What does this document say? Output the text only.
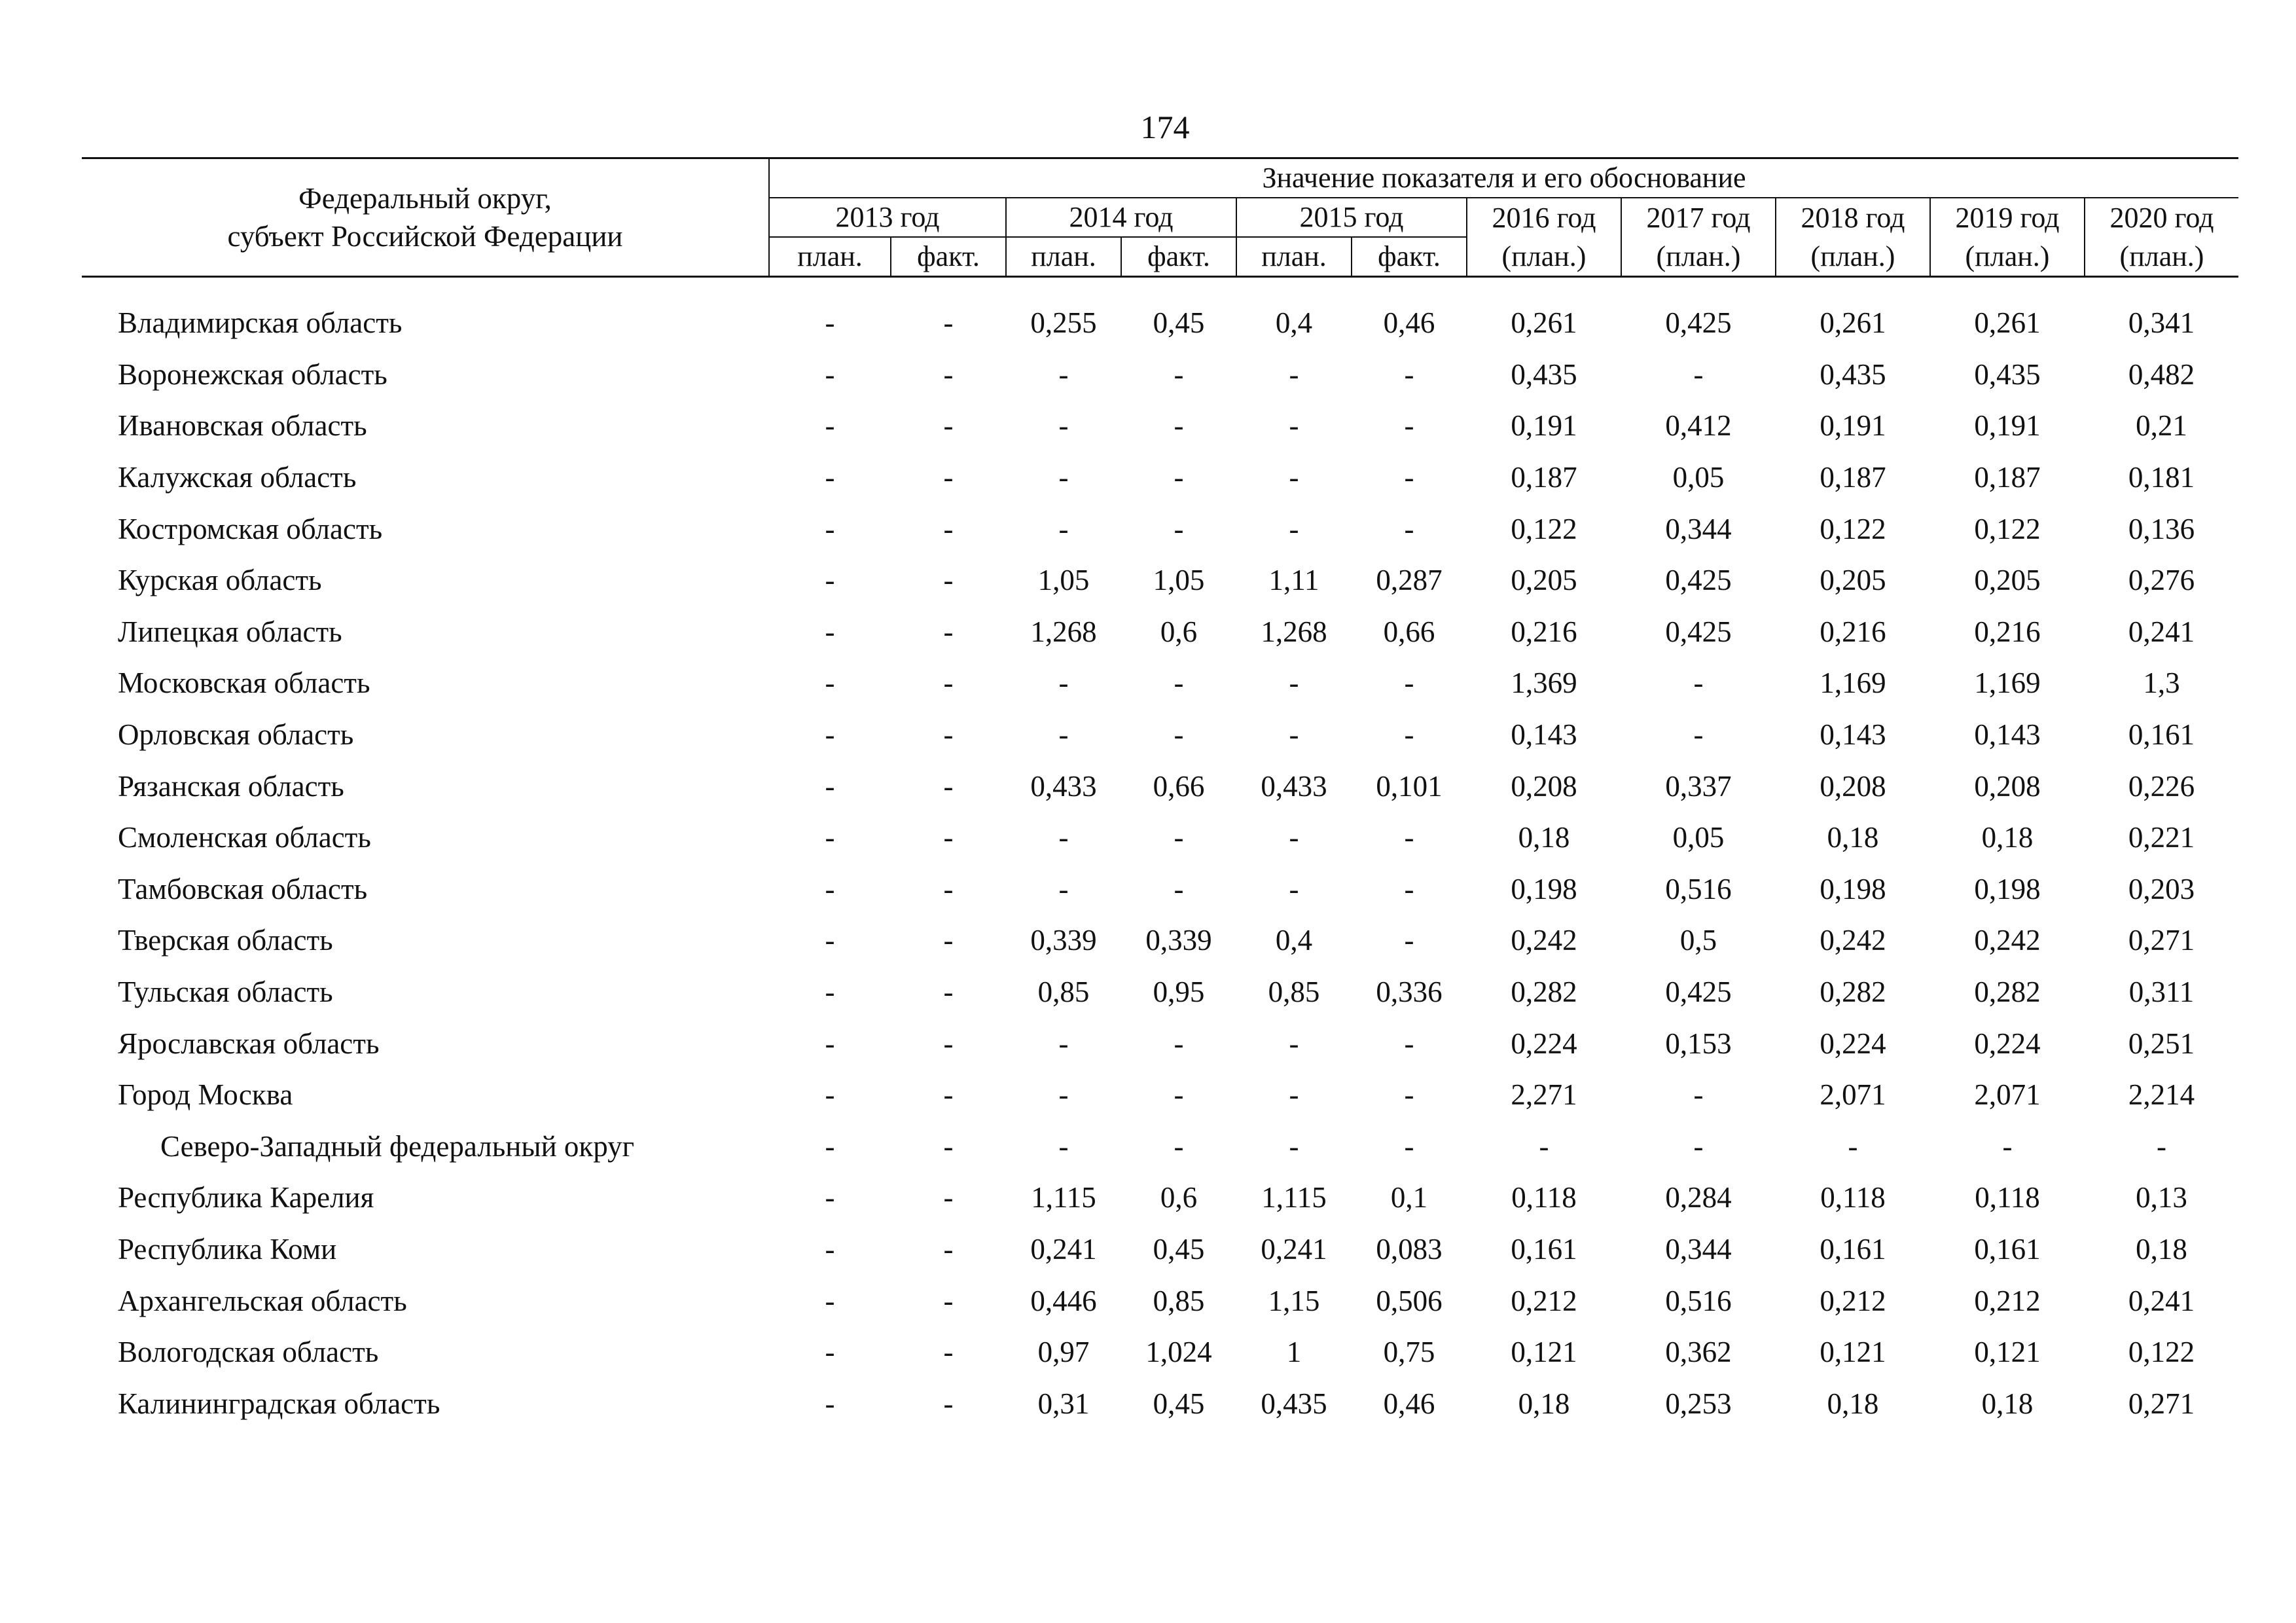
174
Федеральный округ,
субъект Российской Федерации	Значение показателя и его обоснование										
	2013 год		2014 год		2015 год		2016 год	2017 год	2018 год	2019 год	2020 год
	план.	факт.	план.	факт.	план.	факт.	(план.)	(план.)	(план.)	(план.)	(план.)
Владимирская область	-	-	0,255	0,45	0,4	0,46	0,261	0,425	0,261	0,261	0,341
Воронежская область	-	-	-	-	-	-	0,435	-	0,435	0,435	0,482
Ивановская область	-	-	-	-	-	-	0,191	0,412	0,191	0,191	0,21
Калужская область	-	-	-	-	-	-	0,187	0,05	0,187	0,187	0,181
Костромская область	-	-	-	-	-	-	0,122	0,344	0,122	0,122	0,136
Курская область	-	-	1,05	1,05	1,11	0,287	0,205	0,425	0,205	0,205	0,276
Липецкая область	-	-	1,268	0,6	1,268	0,66	0,216	0,425	0,216	0,216	0,241
Московская область	-	-	-	-	-	-	1,369	-	1,169	1,169	1,3
Орловская область	-	-	-	-	-	-	0,143	-	0,143	0,143	0,161
Рязанская область	-	-	0,433	0,66	0,433	0,101	0,208	0,337	0,208	0,208	0,226
Смоленская область	-	-	-	-	-	-	0,18	0,05	0,18	0,18	0,221
Тамбовская область	-	-	-	-	-	-	0,198	0,516	0,198	0,198	0,203
Тверская область	-	-	0,339	0,339	0,4	-	0,242	0,5	0,242	0,242	0,271
Тульская область	-	-	0,85	0,95	0,85	0,336	0,282	0,425	0,282	0,282	0,311
Ярославская область	-	-	-	-	-	-	0,224	0,153	0,224	0,224	0,251
Город Москва	-	-	-	-	-	-	2,271	-	2,071	2,071	2,214
Северо-Западный федеральный округ	-	-	-	-	-	-	-	-	-	-	-
Республика Карелия	-	-	1,115	0,6	1,115	0,1	0,118	0,284	0,118	0,118	0,13
Республика Коми	-	-	0,241	0,45	0,241	0,083	0,161	0,344	0,161	0,161	0,18
Архангельская область	-	-	0,446	0,85	1,15	0,506	0,212	0,516	0,212	0,212	0,241
Вологодская область	-	-	0,97	1,024	1	0,75	0,121	0,362	0,121	0,121	0,122
Калининградская область	-	-	0,31	0,45	0,435	0,46	0,18	0,253	0,18	0,18	0,271
